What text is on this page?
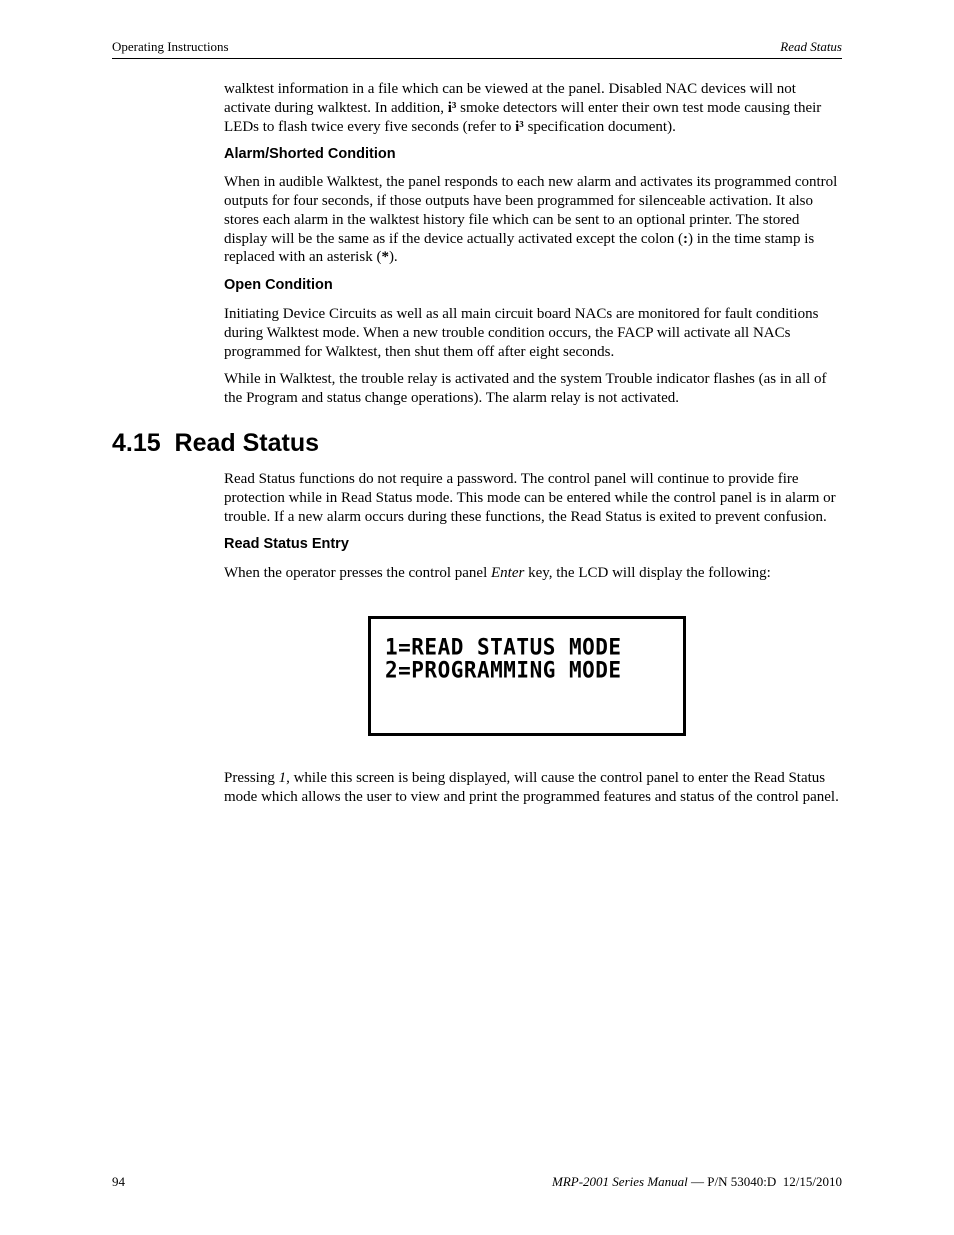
Operating Instructions	Read Status

walktest information in a file which can be viewed at the panel. Disabled NAC devices will not activate during walktest. In addition, i³ smoke detectors will enter their own test mode causing their LEDs to flash twice every five seconds (refer to i³ specification document).

Alarm/Shorted Condition

When in audible Walktest, the panel responds to each new alarm and activates its programmed control outputs for four seconds, if those outputs have been programmed for silenceable activation. It also stores each alarm in the walktest history file which can be sent to an optional printer. The stored display will be the same as if the device actually activated except the colon (:) in the time stamp is replaced with an asterisk (*).

Open Condition

Initiating Device Circuits as well as all main circuit board NACs are monitored for fault conditions during Walktest mode. When a new trouble condition occurs, the FACP will activate all NACs programmed for Walktest, then shut them off after eight seconds.

While in Walktest, the trouble relay is activated and the system Trouble indicator flashes (as in all of the Program and status change operations). The alarm relay is not activated.

4.15  Read Status

Read Status functions do not require a password. The control panel will continue to provide fire protection while in Read Status mode. This mode can be entered while the control panel is in alarm or trouble. If a new alarm occurs during these functions, the Read Status is exited to prevent confusion.

Read Status Entry

When the operator presses the control panel Enter key, the LCD will display the following:

1=READ STATUS MODE
2=PROGRAMMING MODE

Pressing 1, while this screen is being displayed, will cause the control panel to enter the Read Status mode which allows the user to view and print the programmed features and status of the control panel.

94	MRP-2001 Series Manual — P/N 53040:D  12/15/2010
